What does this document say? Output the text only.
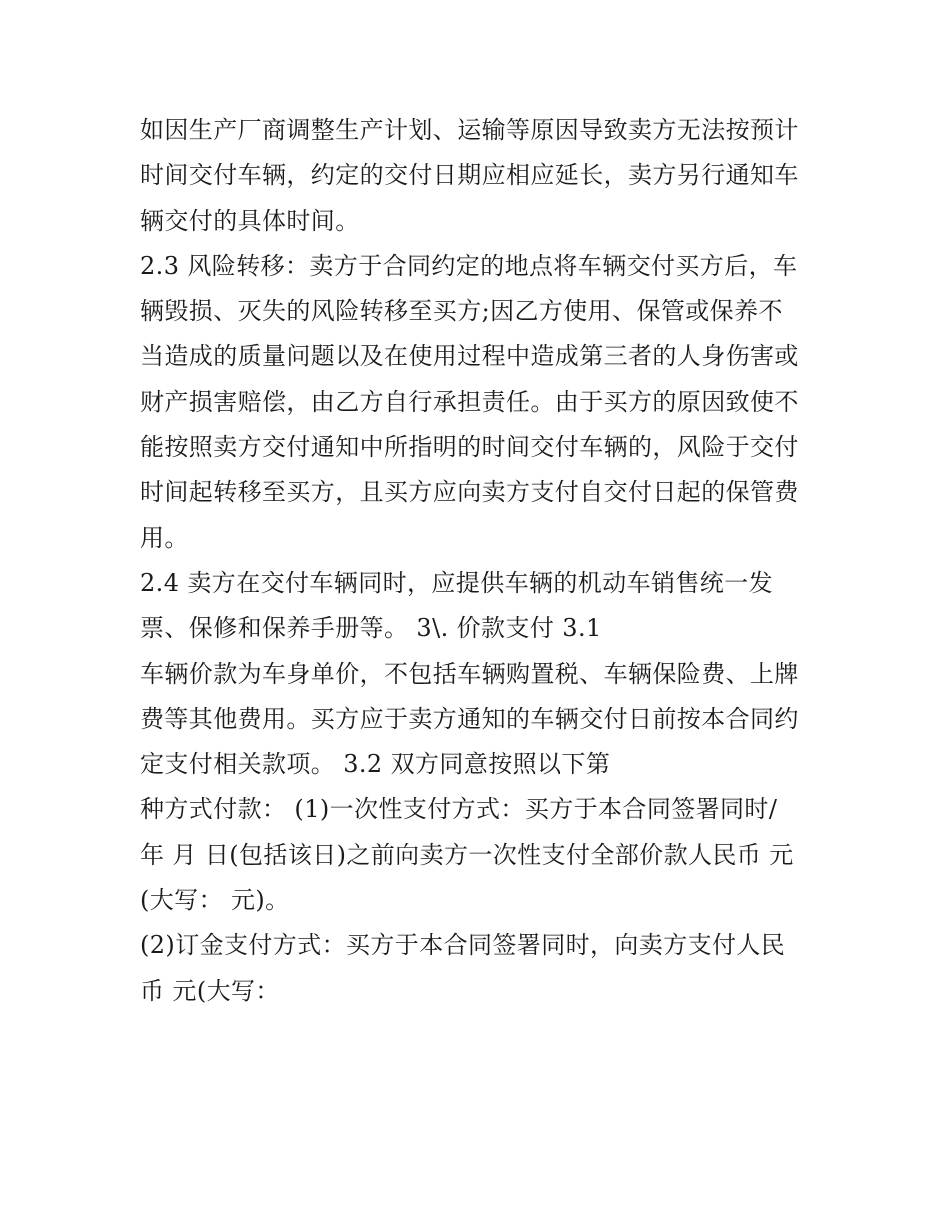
如因生产厂商调整生产计划、运输等原因导致卖方无法按预计

时间交付车辆，约定的交付日期应相应延长，卖方另行通知车

辆交付的具体时间。

2.3 风险转移：卖方于合同约定的地点将车辆交付买方后，车

辆毁损、灭失的风险转移至买方;因乙方使用、保管或保养不

当造成的质量问题以及在使用过程中造成第三者的人身伤害或

财产损害赔偿，由乙方自行承担责任。由于买方的原因致使不

能按照卖方交付通知中所指明的时间交付车辆的，风险于交付

时间起转移至买方，且买方应向卖方支付自交付日起的保管费

用。

2.4 卖方在交付车辆同时，应提供车辆的机动车销售统一发

票、保修和保养手册等。 3\. 价款支付 3.1

车辆价款为车身单价，不包括车辆购置税、车辆保险费、上牌

费等其他费用。买方应于卖方通知的车辆交付日前按本合同约

定支付相关款项。 3.2 双方同意按照以下第

种方式付款： (1)一次性支付方式：买方于本合同签署同时/

年 月 日(包括该日)之前向卖方一次性支付全部价款人民币 元

(大写： 元)。

(2)订金支付方式：买方于本合同签署同时，向卖方支付人民

币 元(大写：
